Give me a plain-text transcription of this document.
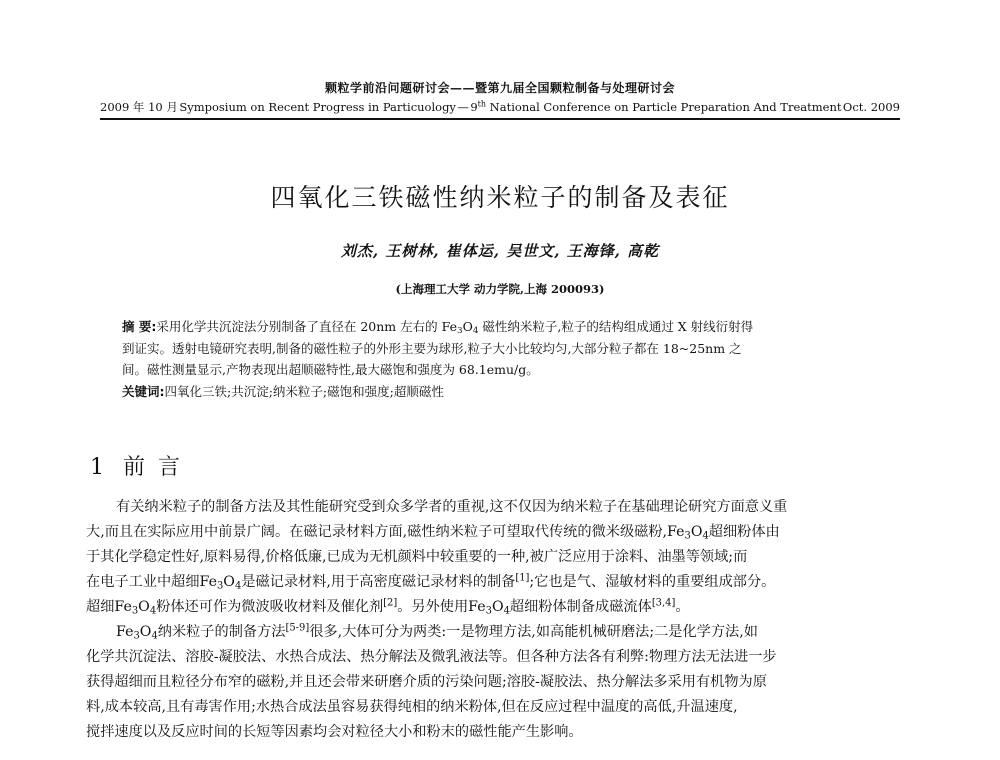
颗粒学前沿问题研讨会——暨第九届全国颗粒制备与处理研讨会
2009 年 10 月 Symposium on Recent Progress in Particuology — 9th National Conference on Particle Preparation And Treatment Oct. 2009
四氧化三铁磁性纳米粒子的制备及表征
刘杰, 王树林, 崔体运, 吴世文, 王海锋, 高乾
(上海理工大学 动力学院,上海 200093)

摘 要:采用化学共沉淀法分别制备了直径在 20nm 左右的 $Fe_3O_4$ 磁性纳米粒子,粒子的结构组成通过 X 射线衍射得

到证实。透射电镜研究表明,制备的磁性粒子的外形主要为球形,粒子大小比较均匀,大部分粒子都在 18~25nm 之

间。磁性测量显示,产物表现出超顺磁特性,最大磁饱和强度为 68.1emu/g。

关键词:四氧化三铁;共沉淀;纳米粒子;磁饱和强度;超顺磁性

1 前 言

有关纳米粒子的制备方法及其性能研究受到众多学者的重视,这不仅因为纳米粒子在基础理论研究方面意义重
大,而且在实际应用中前景广阔。在磁记录材料方面,磁性纳米粒子可望取代传统的微米级磁粉$,Fe_3O_4$超细粉体由
于其化学稳定性好,原料易得,价格低廉,已成为无机颜料中较重要的一种,被广泛应用于涂料、油墨等领域;而
在电子工业中超细$Fe_3O_4$是磁记录材料,用于高密度磁记录材料的制备[1];它也是气、湿敏材料的重要组成部分。
超细$Fe_3O_4$粉体还可作为微波吸收材料及催化剂[2]。另外使用$Fe_3O_4$超细粉体制备成磁流体[3,4]。

$Fe_3O_4$纳米粒子的制备方法[5-9]很多,大体可分为两类:一是物理方法,如高能机械研磨法;二是化学方法,如
化学共沉淀法、溶胶-凝胶法、水热合成法、热分解法及微乳液法等。但各种方法各有利弊:物理方法无法进一步
获得超细而且粒径分布窄的磁粉,并且还会带来研磨介质的污染问题;溶胶-凝胶法、热分解法多采用有机物为原
料,成本较高,且有毒害作用;水热合成法虽容易获得纯相的纳米粉体,但在反应过程中温度的高低,升温速度,
搅拌速度以及反应时间的长短等因素均会对粒径大小和粉末的磁性能产生影响。
